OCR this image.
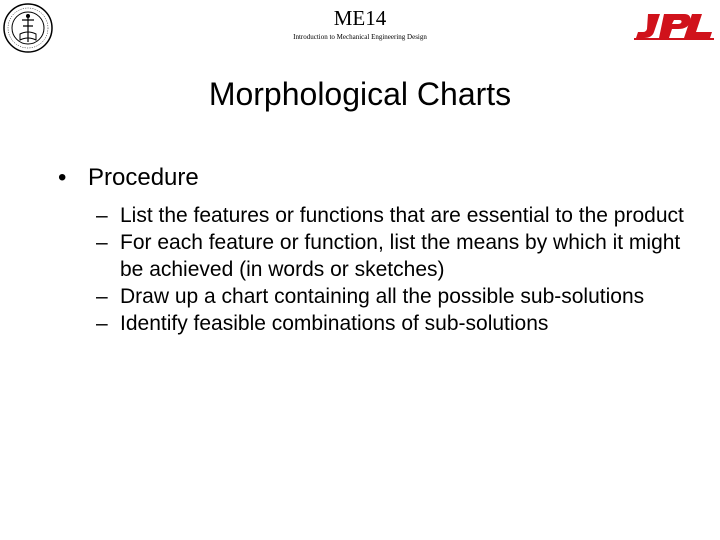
ME14
Introduction to Mechanical Engineering Design
Morphological Charts
• Procedure
– List the features or functions that are essential to the product
– For each feature or function, list the means by which it might be achieved (in words or sketches)
– Draw up a chart containing all the possible sub-solutions
– Identify feasible combinations of sub-solutions
